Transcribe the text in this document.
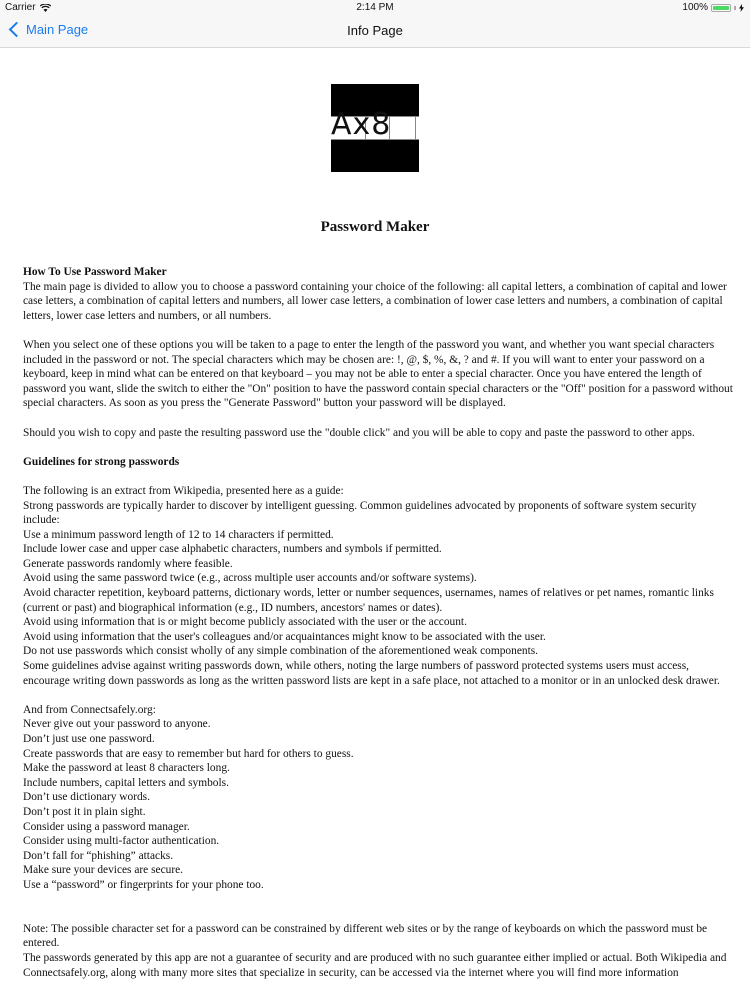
Carrier	2:14 PM	100%
Main Page	Info Page
Ax8
Password Maker
How To Use Password Maker

The main page is divided to allow you to choose a password containing your choice of the following: all capital letters, a combination of capital and lower case letters, a combination of capital letters and numbers, all lower case letters, a combination of lower case letters and numbers, a combination of capital letters, lower case letters and numbers, or all numbers.

When you select one of these options you will be taken to a page to enter the length of the password you want, and whether you want special characters included in the password or not. The special characters which may be chosen are: !, @, $, %, &, ? and #. If you will want to enter your password on a keyboard, keep in mind what can be entered on that keyboard – you may not be able to enter a special character. Once you have entered the length of password you want, slide the switch to either the "On" position to have the password contain special characters or the "Off" position for a password without special characters. As soon as you press the "Generate Password" button your password will be displayed.

Should you wish to copy and paste the resulting password use the "double click" and you will be able to copy and paste the password to other apps.

Guidelines for strong passwords

The following is an extract from Wikipedia, presented here as a guide:

Strong passwords are typically harder to discover by intelligent guessing. Common guidelines advocated by proponents of software system security include:

Use a minimum password length of 12 to 14 characters if permitted.

Include lower case and upper case alphabetic characters, numbers and symbols if permitted.

Generate passwords randomly where feasible.

Avoid using the same password twice (e.g., across multiple user accounts and/or software systems).

Avoid character repetition, keyboard patterns, dictionary words, letter or number sequences, usernames, names of relatives or pet names, romantic links (current or past) and biographical information (e.g., ID numbers, ancestors' names or dates).

Avoid using information that is or might become publicly associated with the user or the account.

Avoid using information that the user's colleagues and/or acquaintances might know to be associated with the user.

Do not use passwords which consist wholly of any simple combination of the aforementioned weak components.

Some guidelines advise against writing passwords down, while others, noting the large numbers of password protected systems users must access, encourage writing down passwords as long as the written password lists are kept in a safe place, not attached to a monitor or in an unlocked desk drawer.

And from Connectsafely.org:

Never give out your password to anyone.

Don’t just use one password.

Create passwords that are easy to remember but hard for others to guess.

Make the password at least 8 characters long.

Include numbers, capital letters and symbols.

Don’t use dictionary words.

Don’t post it in plain sight.

Consider using a password manager.

Consider using multi-factor authentication.

Don’t fall for “phishing” attacks.

Make sure your devices are secure.

Use a “password” or fingerprints for your phone too.

Note: The possible character set for a password can be constrained by different web sites or by the range of keyboards on which the password must be entered.

The passwords generated by this app are not a guarantee of security and are produced with no such guarantee either implied or actual. Both Wikipedia and Connectsafely.org, along with many more sites that specialize in security, can be accessed via the internet where you will find more information
